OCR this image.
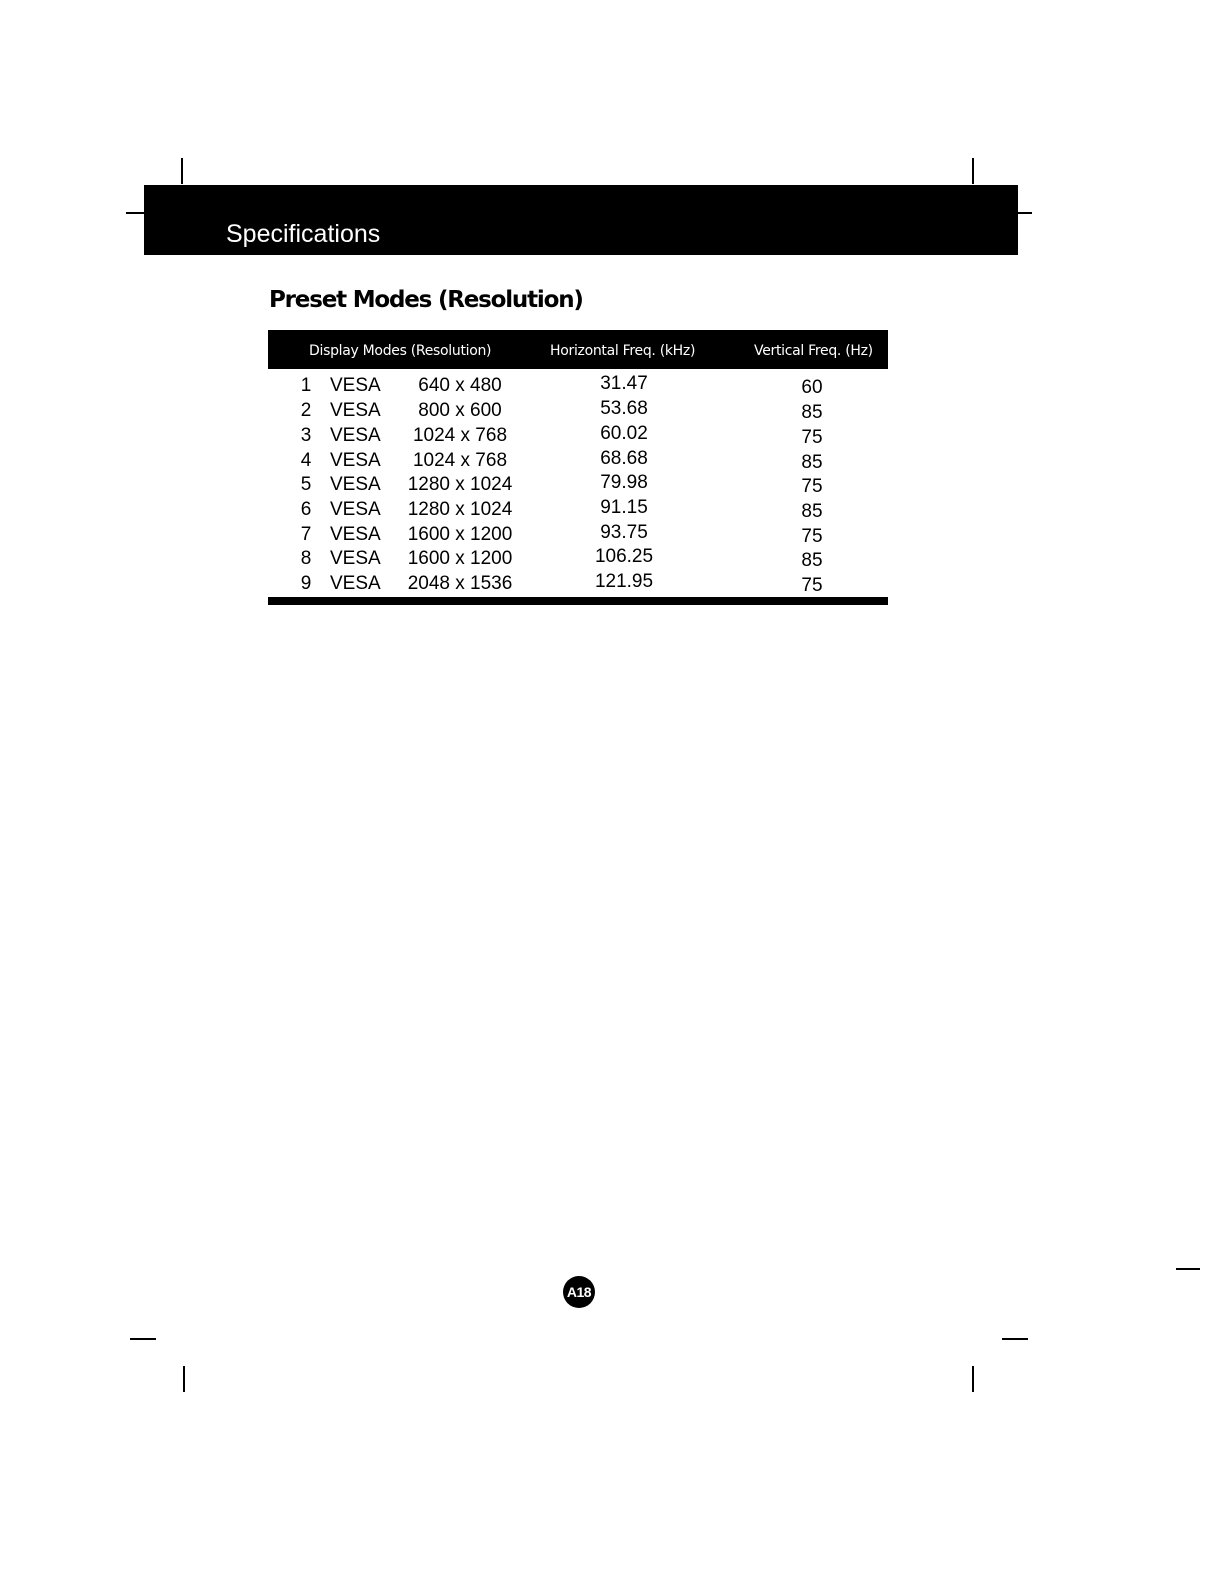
Specifications
Preset Modes (Resolution)
Display Modes (Resolution)	Horizontal Freq. (kHz)	Vertical Freq. (Hz)
1 VESA	640 x 480	31.47	60
2 VESA	800 x 600	53.68	85
3 VESA	1024 x 768	60.02	75
4 VESA	1024 x 768	68.68	85
5 VESA	1280 x 1024	79.98	75
6 VESA	1280 x 1024	91.15	85
7 VESA	1600 x 1200	93.75	75
8 VESA	1600 x 1200	106.25	85
9 VESA	2048 x 1536	121.95	75
A18
